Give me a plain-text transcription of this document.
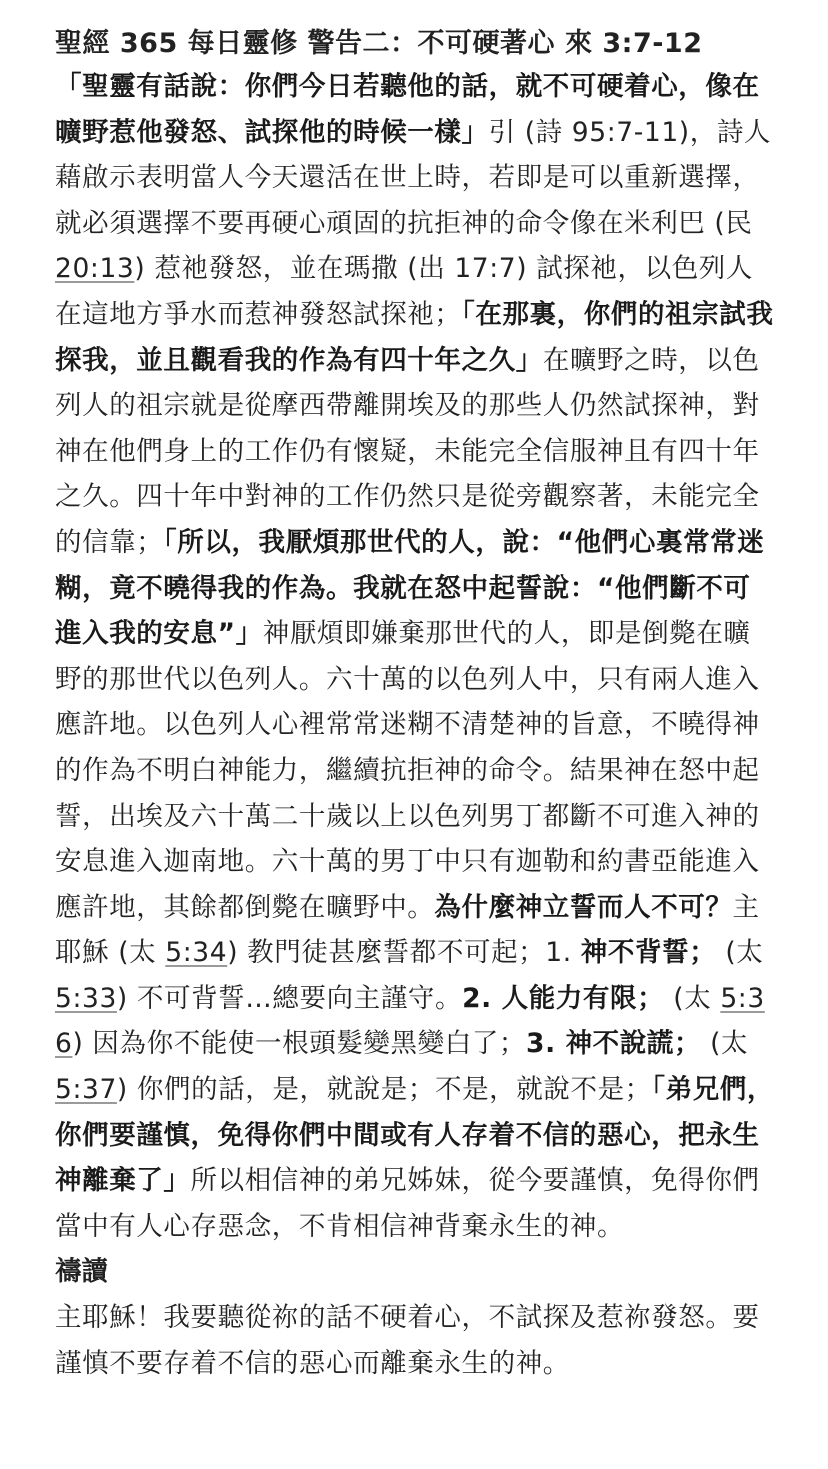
聖經 365 每日靈修 警告二：不可硬著心 來 3:7-12

「聖靈有話說：你們今日若聽他的話，就不可硬着心，像在曠野惹他發怒、試探他的時候一樣」引 (詩 95:7-11)，詩人藉啟示表明當人今天還活在世上時，若即是可以重新選擇，就必須選擇不要再硬心頑固的抗拒神的命令像在米利巴 (民 20:13) 惹祂發怒，並在瑪撒 (出 17:7) 試探祂，以色列人在這地方爭水而惹神發怒試探祂；「在那裏，你們的祖宗試我探我，並且觀看我的作為有四十年之久」在曠野之時，以色列人的祖宗就是從摩西帶離開埃及的那些人仍然試探神，對神在他們身上的工作仍有懷疑，未能完全信服神且有四十年之久。四十年中對神的工作仍然只是從旁觀察著，未能完全的信靠；「所以，我厭煩那世代的人，說：“他們心裏常常迷糊，竟不曉得我的作為。我就在怒中起誓說：“他們斷不可進入我的安息”」神厭煩即嫌棄那世代的人，即是倒斃在曠野的那世代以色列人。六十萬的以色列人中，只有兩人進入應許地。以色列人心裡常常迷糊不清楚神的旨意，不曉得神的作為不明白神能力，繼續抗拒神的命令。結果神在怒中起誓，出埃及六十萬二十歲以上以色列男丁都斷不可進入神的安息進入迦南地。六十萬的男丁中只有迦勒和約書亞能進入應許地，其餘都倒斃在曠野中。為什麼神立誓而人不可？主耶穌 (太 5:34) 教門徒甚麼誓都不可起；1. 神不背誓； (太 5:33) 不可背誓…總要向主謹守。2. 人能力有限； (太 5:36) 因為你不能使一根頭髮變黑變白了；3. 神不說謊； (太 5:37) 你們的話，是，就說是；不是，就說不是；「弟兄們，你們要謹慎，免得你們中間或有人存着不信的惡心，把永生神離棄了」所以相信神的弟兄姊妹，從今要謹慎，免得你們當中有人心存惡念，不肯相信神背棄永生的神。

禱讀

主耶穌！我要聽從祢的話不硬着心，不試探及惹祢發怒。要謹慎不要存着不信的惡心而離棄永生的神。
